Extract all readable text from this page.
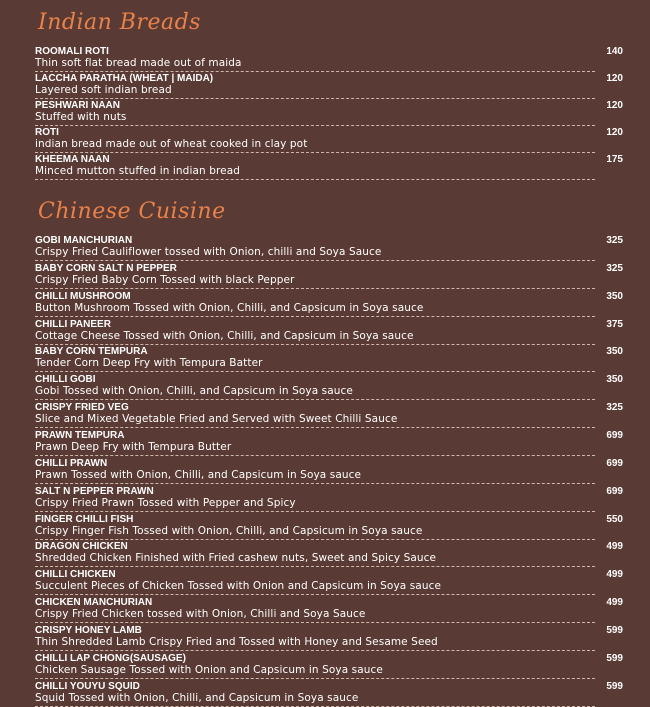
Indian Breads
ROOMALI ROTI
Thin soft flat bread made out of maida
140
LACCHA PARATHA (WHEAT | MAIDA)
Layered soft indian bread
120
PESHWARI NAAN
Stuffed with nuts
120
ROTI
indian bread made out of wheat cooked in clay pot
120
KHEEMA NAAN
Minced mutton stuffed in indian bread
175
Chinese Cuisine
GOBI MANCHURIAN
Crispy Fried Cauliflower tossed with Onion, chilli and Soya Sauce
325
BABY CORN SALT N PEPPER
Crispy Fried Baby Corn Tossed with black Pepper
325
CHILLI MUSHROOM
Button Mushroom Tossed with Onion, Chilli, and Capsicum in Soya sauce
350
CHILLI PANEER
Cottage Cheese Tossed with Onion, Chilli, and Capsicum in Soya sauce
375
BABY CORN TEMPURA
Tender Corn Deep Fry with Tempura Batter
350
CHILLI GOBI
Gobi Tossed with Onion, Chilli, and Capsicum in Soya sauce
350
CRISPY FRIED VEG
Slice and Mixed Vegetable Fried and Served with Sweet Chilli Sauce
325
PRAWN TEMPURA
Prawn Deep Fry with Tempura Butter
699
CHILLI PRAWN
Prawn Tossed with Onion, Chilli, and Capsicum in Soya sauce
699
SALT N PEPPER PRAWN
Crispy Fried Prawn Tossed with Pepper and Spicy
699
FINGER CHILLI FISH
Crispy Finger Fish Tossed with Onion, Chilli, and Capsicum in Soya sauce
550
DRAGON CHICKEN
Shredded Chicken Finished with Fried cashew nuts, Sweet and Spicy Sauce
499
CHILLI CHICKEN
Succulent Pieces of Chicken Tossed with Onion and Capsicum in Soya sauce
499
CHICKEN MANCHURIAN
Crispy Fried Chicken tossed with Onion, Chilli and Soya Sauce
499
CRISPY HONEY LAMB
Thin Shredded Lamb Crispy Fried and Tossed with Honey and Sesame Seed
599
CHILLI LAP CHONG(SAUSAGE)
Chicken Sausage Tossed with Onion and Capsicum in Soya sauce
599
CHILLI YOUYU SQUID
Squid Tossed with Onion, Chilli, and Capsicum in Soya sauce
599
